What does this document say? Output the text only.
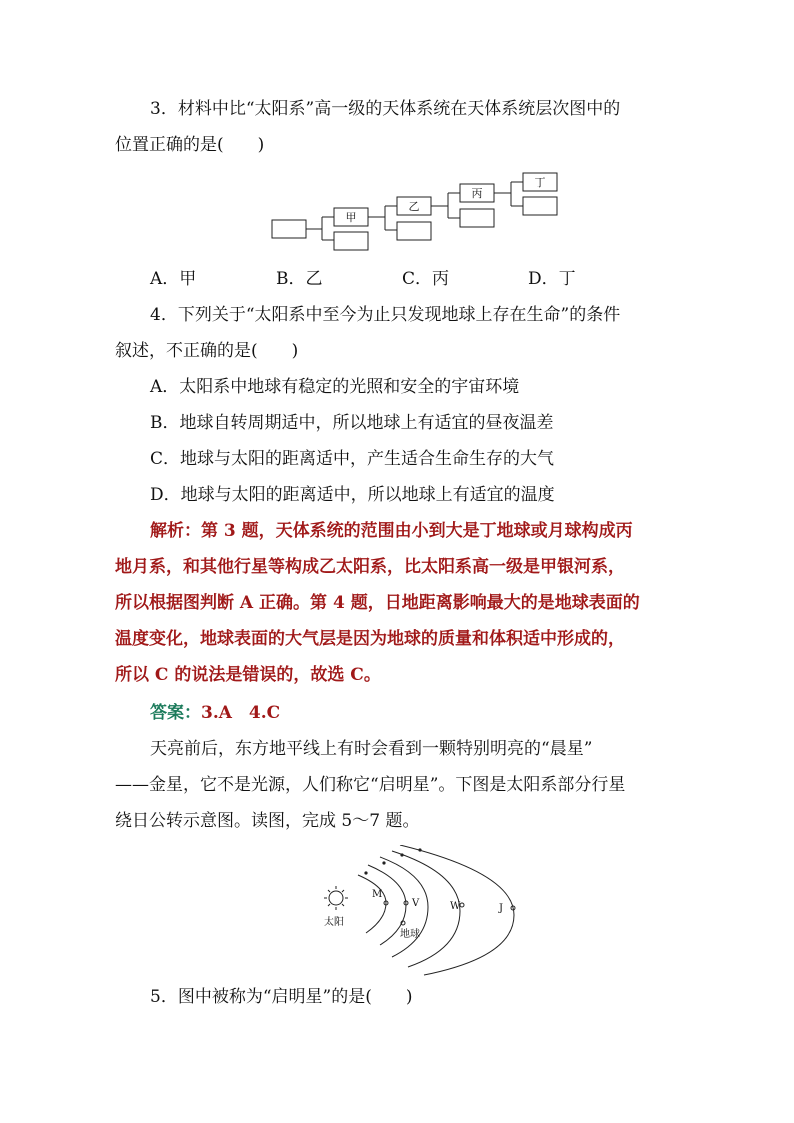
3．材料中比“太阳系”高一级的天体系统在天体系统层次图中的
位置正确的是(　　)
甲
乙
丙
丁
A．甲	B．乙	C．丙	D．丁
4．下列关于“太阳系中至今为止只发现地球上存在生命”的条件
叙述，不正确的是(　　)
A．太阳系中地球有稳定的光照和安全的宇宙环境
B．地球自转周期适中，所以地球上有适宜的昼夜温差
C．地球与太阳的距离适中，产生适合生命生存的大气
D．地球与太阳的距离适中，所以地球上有适宜的温度
解析：第 3 题，天体系统的范围由小到大是丁地球或月球构成丙
地月系，和其他行星等构成乙太阳系，比太阳系高一级是甲银河系，
所以根据图判断 A 正确。第 4 题，日地距离影响最大的是地球表面的
温度变化，地球表面的大气层是因为地球的质量和体积适中形成的，
所以 C 的说法是错误的，故选 C。
答案：3.A　4.C
天亮前后，东方地平线上有时会看到一颗特别明亮的“晨星”
——金星，它不是光源，人们称它“启明星”。下图是太阳系部分行星
绕日公转示意图。读图，完成 5～7 题。
太阳
地球
M
V	W	J
5．图中被称为“启明星”的是(　　)
